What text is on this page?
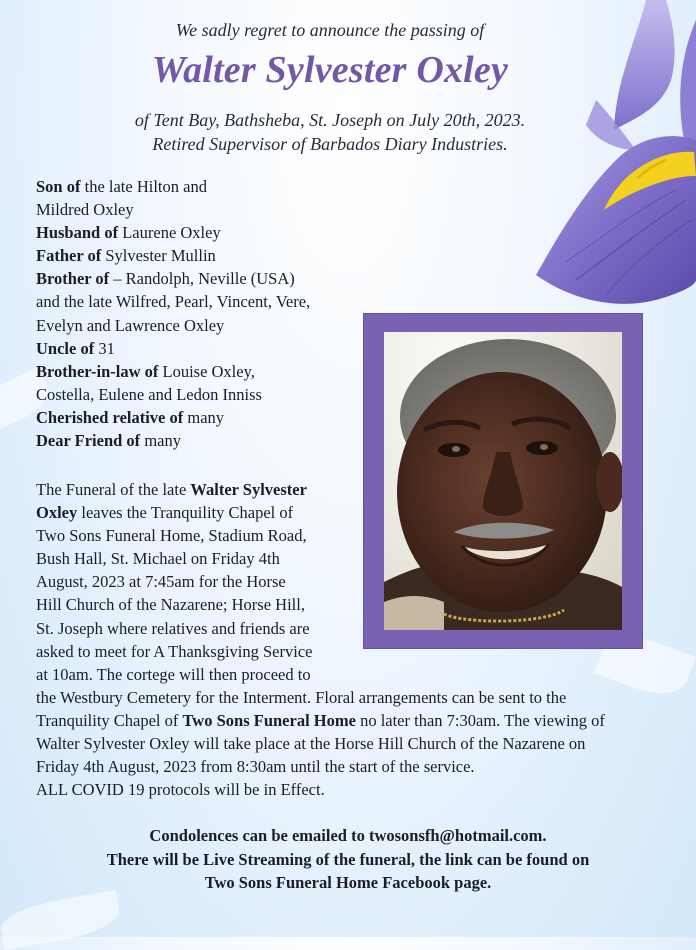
We sadly regret to announce the passing of
Walter Sylvester Oxley
of Tent Bay, Bathsheba, St. Joseph on July 20th, 2023.
Retired Supervisor of Barbados Diary Industries.
Son of the late Hilton and
Mildred Oxley
Husband of Laurene Oxley
Father of Sylvester Mullin
Brother of – Randolph, Neville (USA)
and the late Wilfred, Pearl, Vincent, Vere,
Evelyn and Lawrence Oxley
Uncle of 31
Brother-in-law of Louise Oxley,
Costella, Eulene and Ledon Inniss
Cherished relative of many
Dear Friend of many
The Funeral of the late Walter Sylvester
Oxley leaves the Tranquility Chapel of
Two Sons Funeral Home, Stadium Road,
Bush Hall, St. Michael on Friday 4th
August, 2023 at 7:45am for the Horse
Hill Church of the Nazarene; Horse Hill,
St. Joseph where relatives and friends are
asked to meet for A Thanksgiving Service
at 10am. The cortege will then proceed to
the Westbury Cemetery for the Interment. Floral arrangements can be sent to the
Tranquility Chapel of Two Sons Funeral Home no later than 7:30am. The viewing of
Walter Sylvester Oxley will take place at the Horse Hill Church of the Nazarene on
Friday 4th August, 2023 from 8:30am until the start of the service.
ALL COVID 19 protocols will be in Effect.
Condolences can be emailed to twosonsfh@hotmail.com.
There will be Live Streaming of the funeral, the link can be found on
Two Sons Funeral Home Facebook page.
